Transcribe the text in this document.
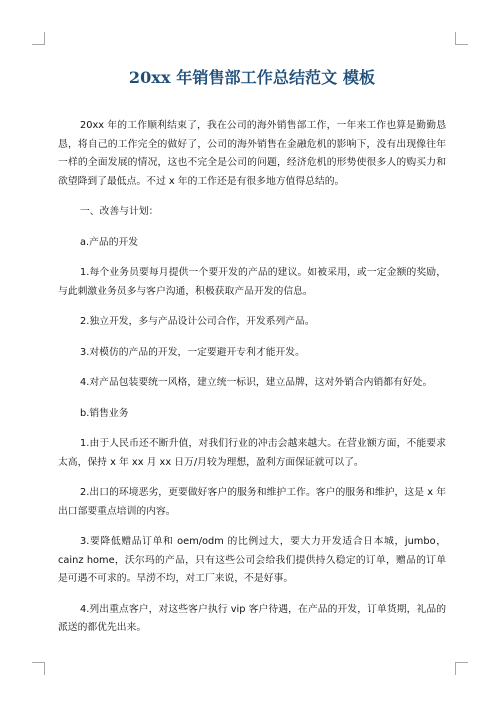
20xx 年销售部工作总结范文 模板

20xx 年的工作顺利结束了，我在公司的海外销售部工作，一年来工作也算是勤勤恳恳，将自己的工作完全的做好了，公司的海外销售在金融危机的影响下，没有出现像往年一样的全面发展的情况，这也不完全是公司的问题，经济危机的形势使很多人的购买力和欲望降到了最低点。不过 x 年的工作还是有很多地方值得总结的。

一、改善与计划：

a.产品的开发

1.每个业务员要每月提供一个要开发的产品的建议。如被采用，或一定金额的奖励，与此刺激业务员多与客户沟通，积极获取产品开发的信息。

2.独立开发，多与产品设计公司合作，开发系列产品。

3.对模仿的产品的开发，一定要避开专利才能开发。

4.对产品包装要统一风格，建立统一标识，建立品牌，这对外销合内销都有好处。

b.销售业务

1.由于人民币还不断升值，对我们行业的冲击会越来越大。在营业额方面，不能要求太高，保持 x 年 xx 月 xx 日万/月较为理想，盈利方面保证就可以了。

2.出口的环境恶劣，更要做好客户的服务和维护工作。客户的服务和维护，这是 x 年出口部要重点培训的内容。

3.要降低赠品订单和 oem/odm 的比例过大，要大力开发适合日本城，jumbo，cainz home，沃尔玛的产品，只有这些公司会给我们提供持久稳定的订单，赠品的订单是可遇不可求的。旱涝不均，对工厂来说，不是好事。

4.列出重点客户，对这些客户执行 vip 客户待遇，在产品的开发，订单货期，礼品的派送的都优先出来。
